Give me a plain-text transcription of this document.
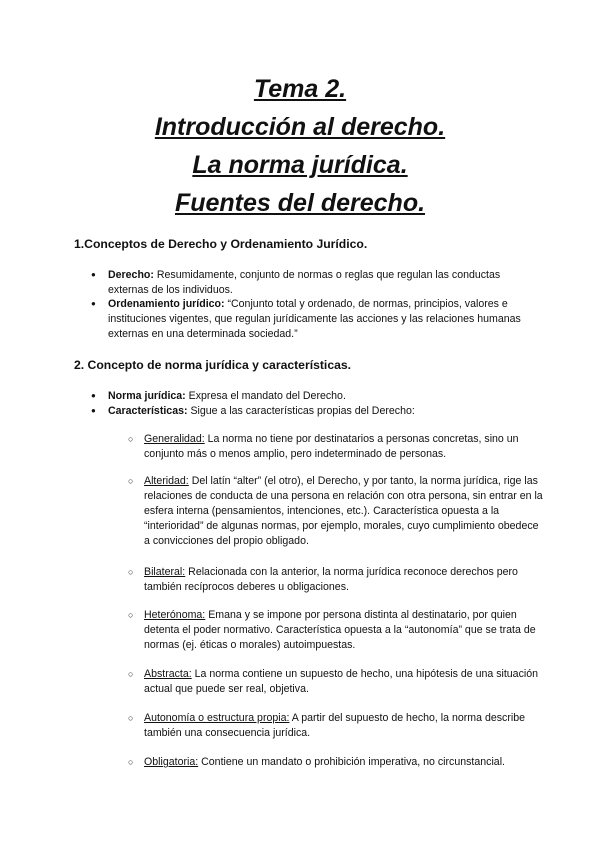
Tema 2.
Introducción al derecho.
La norma jurídica.
Fuentes del derecho.
1.Conceptos de Derecho y Ordenamiento Jurídico.
● Derecho: Resumidamente, conjunto de normas o reglas que regulan las conductas externas de los individuos.
● Ordenamiento jurídico: “Conjunto total y ordenado, de normas, principios, valores e instituciones vigentes, que regulan jurídicamente las acciones y las relaciones humanas externas en una determinada sociedad.”
2. Concepto de norma jurídica y características.
● Norma jurídica: Expresa el mandato del Derecho.
● Características: Sigue a las características propias del Derecho:
○ Generalidad: La norma no tiene por destinatarios a personas concretas, sino un conjunto más o menos amplio, pero indeterminado de personas.
○ Alteridad: Del latín “alter” (el otro), el Derecho, y por tanto, la norma jurídica, rige las relaciones de conducta de una persona en relación con otra persona, sin entrar en la esfera interna (pensamientos, intenciones, etc.). Característica opuesta a la “interioridad” de algunas normas, por ejemplo, morales, cuyo cumplimiento obedece a convicciones del propio obligado.
○ Bilateral: Relacionada con la anterior, la norma jurídica reconoce derechos pero también recíprocos deberes u obligaciones.
○ Heterónoma: Emana y se impone por persona distinta al destinatario, por quien detenta el poder normativo. Característica opuesta a la “autonomía” que se trata de normas (ej. éticas o morales) autoimpuestas.
○ Abstracta: La norma contiene un supuesto de hecho, una hipótesis de una situación actual que puede ser real, objetiva.
○ Autonomía o estructura propia: A partir del supuesto de hecho, la norma describe también una consecuencia jurídica.
○ Obligatoria: Contiene un mandato o prohibición imperativa, no circunstancial.
